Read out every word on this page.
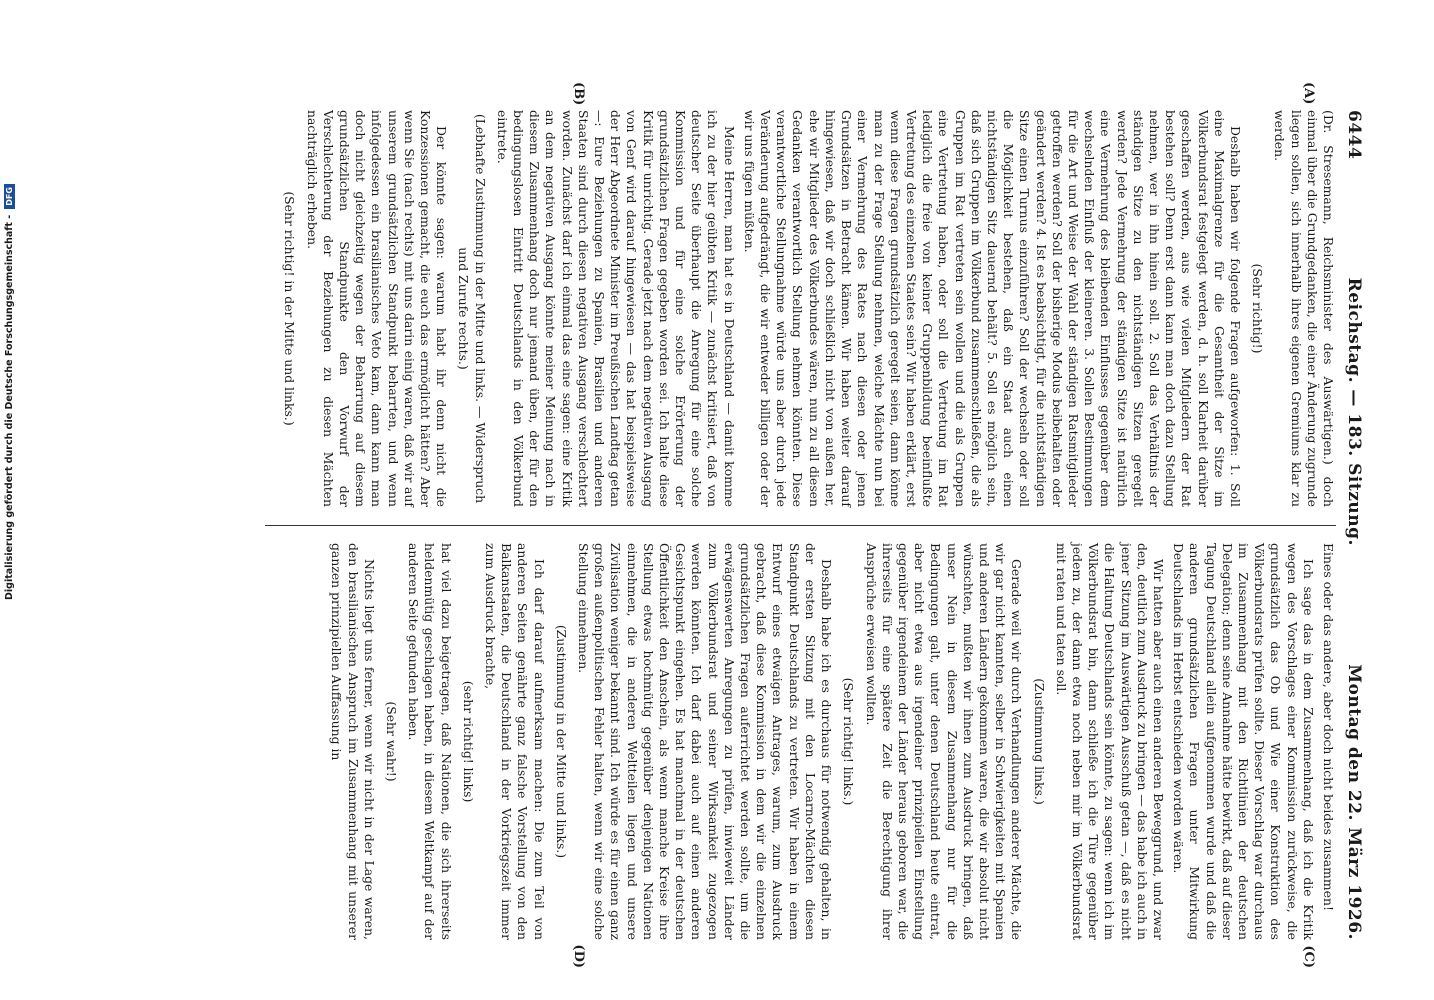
6444
Reichstag. — 183. Sitzung.
Montag den 22. März 1926.
(A)
(B)

(Dr. Stresemann, Reichsminister des Auswärtigen.) doch einmal über die Grundgedanken, die einer Änderung zugrunde liegen sollen, sich innerhalb ihres eigenen Gremiums klar zu werden.

(Sehr richtig!)

Deshalb haben wir folgende Fragen aufgeworfen: 1. Soll eine Maximalgrenze für die Gesamtheit der Sitze im Völkerbundsrat festgelegt werden, d. h. soll Klarheit darüber geschaffen werden, aus wie vielen Mitgliedern der Rat bestehen soll? Denn erst dann kann man doch dazu Stellung nehmen, wer in ihn hinein soll. 2. Soll das Verhältnis der ständigen Sitze zu den nichtständigen Sitzen geregelt werden? Jede Vermehrung der ständigen Sitze ist natürlich eine Vermehrung des bleibenden Einflusses gegenüber dem wechselnden Einfluß der kleineren. 3. Sollen Bestimmungen für die Art und Weise der Wahl der ständigen Ratsmitglieder getroffen werden? Soll der bisherige Modus beibehalten oder geändert werden? 4. Ist es beabsichtigt, für die nichtständigen Sitze einen Turnus einzuführen? Soll der wechseln oder soll die Möglichkeit bestehen, daß ein Staat auch einen nichtständigen Sitz dauernd behält? 5. Soll es möglich sein, daß sich Gruppen im Völkerbund zusammenschließen, die als Gruppen im Rat vertreten sein wollen und die als Gruppen eine Vertretung haben, oder soll die Vertretung im Rat lediglich die freie von keiner Gruppenbildung beeinflußte Vertretung des einzelnen Staates sein? Wir haben erklärt, erst wenn diese Fragen grundsätzlich geregelt seien, dann könne man zu der Frage Stellung nehmen, welche Mächte nun bei einer Vermehrung des Rates nach diesen oder jenen Grundsätzen in Betracht kämen. Wir haben weiter darauf hingewiesen, daß wir doch schließlich nicht von außen her, ehe wir Mitglieder des Völkerbundes wären, nun zu all diesen Gedanken verantwortlich Stellung nehmen könnten. Diese verantwortliche Stellungnahme würde uns aber durch jede Veränderung aufgedrängt, die wir entweder billigen oder der wir uns fügen müßten.

Meine Herren, man hat es in Deutschland — damit komme ich zu der hier geübten Kritik — zunächst kritisiert, daß von deutscher Seite überhaupt die Anregung für eine solche Kommission und für eine solche Erörterung der grundsätzlichen Fragen gegeben worden sei. Ich halte diese Kritik für unrichtig. Gerade jetzt nach dem negativen Ausgang von Genf wird darauf hingewiesen — das hat beispielsweise der Herr Abgeordnete Minister im Preußischen Landtag getan —: Eure Beziehungen zu Spanien, Brasilien und anderen Staaten sind durch diesen negativen Ausgang verschlechtert worden. Zunächst darf ich einmal das eine sagen: eine Kritik an dem negativen Ausgang könnte meiner Meinung nach in diesem Zusammenhang doch nur jemand üben, der für den bedingungslosen Eintritt Deutschlands in den Völkerbund eintrete.

(Lebhafte Zustimmung in der Mitte und links. — Widerspruch und Zurufe rechts.)

Der könnte sagen: warum habt ihr denn nicht die Konzessionen gemacht, die euch das ermöglicht hätten? Aber wenn Sie (nach rechts) mit uns darin einig waren, daß wir auf unserem grundsätzlichen Standpunkt beharrten, und wenn infolgedessen ein brasilianisches Veto kam, dann kann man doch nicht gleichzeitig wegen der Beharrung auf diesem grundsätzlichen Standpunkte den Vorwurf der Verschlechterung der Beziehungen zu diesen Mächten nachträglich erheben.

(Sehr richtig! in der Mitte und links.)

(C)
(D)

Eines oder das andere, aber doch nicht beides zusammen!

Ich sage das in dem Zusammenhang, daß ich die Kritik wegen des Vorschlages einer Kommission zurückweise, die grundsätzlich das Ob und Wie einer Konstruktion des Völkerbundsrats prüfen sollte. Dieser Vorschlag war durchaus im Zusammenhang mit den Richtlinien der deutschen Delegation; denn seine Annahme hätte bewirkt, daß auf dieser Tagung Deutschland allein aufgenommen wurde und daß die anderen grundsätzlichen Fragen unter Mitwirkung Deutschlands im Herbst entschieden worden wären.

Wir hatten aber auch einen anderen Beweggrund, und zwar den, deutlich zum Ausdruck zu bringen — das habe ich auch in jener Sitzung im Auswärtigen Ausschuß getan —, daß es nicht die Haltung Deutschlands sein könnte, zu sagen: wenn ich im Völkerbundsrat bin, dann schließe ich die Türe gegenüber jedem zu, der dann etwa noch neben mir im Völkerbundsrat mit raten und taten soll.

(Zustimmung links.)

Gerade weil wir durch Verhandlungen anderer Mächte, die wir gar nicht kannten, selber in Schwierigkeiten mit Spanien und anderen Ländern gekommen waren, die wir absolut nicht wünschten, mußten wir ihnen zum Ausdruck bringen, daß unser Nein in diesem Zusammenhang nur für die Bedingungen galt, unter denen Deutschland heute eintrat, aber nicht etwa aus irgendeiner prinzipiellen Einstellung gegenüber irgendeinem der Länder heraus geboren war, die ihrerseits für eine spätere Zeit die Berechtigung ihrer Ansprüche erweisen wollten.

(Sehr richtig! links.)

Deshalb habe ich es durchaus für notwendig gehalten, in der ersten Sitzung mit den Locarno-Mächten diesen Standpunkt Deutschlands zu vertreten. Wir haben in einem Entwurf eines etwaigen Antrages, warum, zum Ausdruck gebracht, daß diese Kommission in dem wir die einzelnen grundsätzlichen Fragen auferrichtet werden sollte, um die erwägenswerten Anregungen zu prüfen, inwieweit Länder zum Völkerbundsrat und seiner Wirksamkeit zugezogen werden könnten. Ich darf dabei auch auf einen anderen Gesichtspunkt eingehen. Es hat manchmal in der deutschen Öffentlichkeit den Anschein, als wenn manche Kreise ihre Stellung etwas hochmütig gegenüber denjenigen Nationen einnehmen, die in anderen Weltteilen liegen und unsere Zivilisation weniger bekannt sind. Ich würde es für einen ganz großen außenpolitischen Fehler halten, wenn wir eine solche Stellung einnehmen.

(Zustimmung in der Mitte und links.)

Ich darf darauf aufmerksam machen: Die zum Teil von anderen Seiten genährte ganz falsche Vorstellung von den Balkanstaaten, die Deutschland in der Vorkriegszeit immer zum Ausdruck brachte,

(sehr richtig! links)

hat viel dazu beigetragen, daß Nationen, die sich ihrerseits heldenmütig geschlagen haben, in diesem Weltkampf auf der anderen Seite gefunden haben.

(Sehr wahr!)

Nichts liegt uns ferner, wenn wir nicht in der Lage waren, den brasilianischen Anspruch im Zusammenhang mit unserer ganzen prinzipiellen Auffassung in

Digitalisierung gefördert durch die Deutsche Forschungsgemeinschaft -
DFG
